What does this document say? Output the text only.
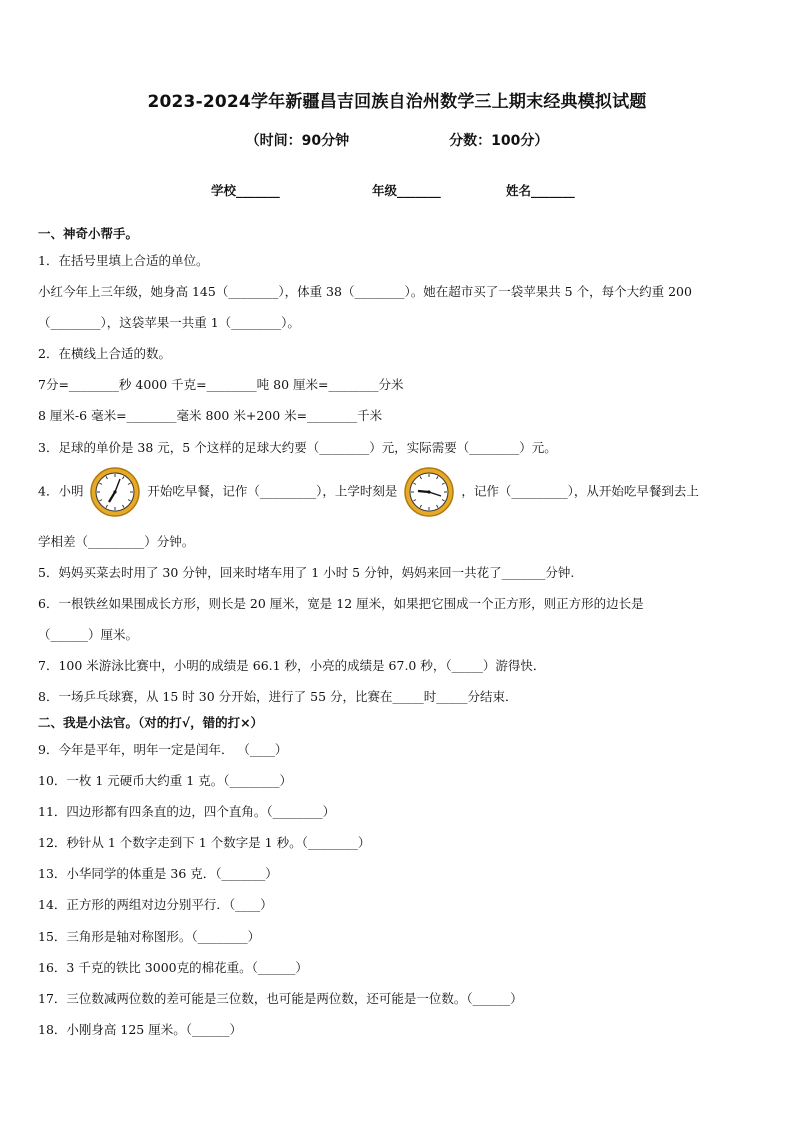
2023-2024学年新疆昌吉回族自治州数学三上期末经典模拟试题
（时间：90分钟	分数：100分）
学校_______	年级_______	姓名_______
一、神奇小帮手。
1．在括号里填上合适的单位。
小红今年上三年级，她身高 145（________），体重 38（________）。她在超市买了一袋苹果共 5 个，每个大约重 200
（________），这袋苹果一共重 1（________）。
2．在横线上合适的数。
7分=________秒 4000 千克=________吨 80 厘米=________分米
8 厘米-6 毫米=________毫米 800 米+200 米=________千米
3．足球的单价是 38 元，5 个这样的足球大约要（________）元，实际需要（________）元。
4．小明	开始吃早餐，记作（_________），上学时刻是	，记作（_________），从开始吃早餐到去上
学相差（_________）分钟。
5．妈妈买菜去时用了 30 分钟，回来时堵车用了 1 小时 5 分钟，妈妈来回一共花了_______分钟.
6．一根铁丝如果围成长方形，则长是 20 厘米，宽是 12 厘米，如果把它围成一个正方形，则正方形的边长是
（______）厘米。
7．100 米游泳比赛中，小明的成绩是 66.1 秒，小亮的成绩是 67.0 秒，（_____）游得快．
8．一场乒乓球赛，从 15 时 30 分开始，进行了 55 分，比赛在_____时_____分结束．
二、我是小法官。（对的打√，错的打×）
9．今年是平年，明年一定是闰年． （____）
10．一枚 1 元硬币大约重 1 克。（________）
11．四边形都有四条直的边，四个直角。（________）
12．秒针从 1 个数字走到下 1 个数字是 1 秒。（________）
13．小华同学的体重是 36 克．（_______）
14．正方形的两组对边分别平行．（____）
15．三角形是轴对称图形。（________）
16．3 千克的铁比 3000克的棉花重。（______）
17．三位数减两位数的差可能是三位数，也可能是两位数，还可能是一位数。（______）
18．小刚身高 125 厘米。（______）
